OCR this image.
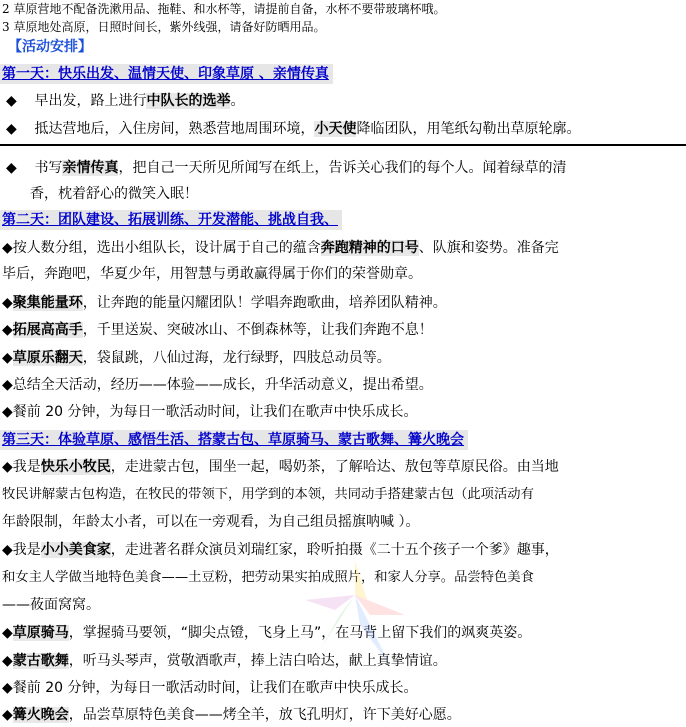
2 草原营地不配备洗漱用品、拖鞋、和水杯等，请提前自备，水杯不要带玻璃杯哦。
3 草原地处高原，日照时间长，紫外线强，请备好防晒用品。
【活动安排】
第一天：快乐出发、温情天使、印象草原 、亲情传真
◆ 早出发，路上进行中队长的选举。
◆ 抵达营地后，入住房间，熟悉营地周围环境，小天使降临团队，用笔纸勾勒出草原轮廓。
◆ 书写亲情传真，把自己一天所见所闻写在纸上，告诉关心我们的每个人。闻着绿草的清
香，枕着舒心的微笑入眠！
第二天：团队建设、拓展训练、开发潜能、挑战自我、
◆按人数分组，选出小组队长，设计属于自己的蕴含奔跑精神的口号、队旗和姿势。准备完
毕后，奔跑吧，华夏少年，用智慧与勇敢赢得属于你们的荣誉勋章。
◆聚集能量环，让奔跑的能量闪耀团队！学唱奔跑歌曲，培养团队精神。
◆拓展高高手，千里送炭、突破冰山、不倒森林等，让我们奔跑不息！
◆草原乐翻天，袋鼠跳，八仙过海，龙行绿野，四肢总动员等。
◆总结全天活动，经历——体验——成长，升华活动意义，提出希望。
◆餐前 20 分钟，为每日一歌活动时间，让我们在歌声中快乐成长。
第三天：体验草原、感悟生活、搭蒙古包、草原骑马、蒙古歌舞、篝火晚会
◆我是快乐小牧民，走进蒙古包，围坐一起，喝奶茶，了解哈达、敖包等草原民俗。由当地
牧民讲解蒙古包构造，在牧民的带领下，用学到的本领，共同动手搭建蒙古包（此项活动有
年龄限制，年龄太小者，可以在一旁观看，为自己组员摇旗呐喊 ）。
◆我是小小美食家，走进著名群众演员刘瑞红家，聆听拍摄《二十五个孩子一个爹》趣事，
和女主人学做当地特色美食——土豆粉，把劳动果实拍成照片，和家人分享。品尝特色美食
——莜面窝窝。
◆草原骑马，掌握骑马要领，“脚尖点镫，飞身上马”，在马背上留下我们的飒爽英姿。
◆蒙古歌舞，听马头琴声，赏敬酒歌声，捧上洁白哈达，献上真挚情谊。
◆餐前 20 分钟，为每日一歌活动时间，让我们在歌声中快乐成长。
◆篝火晚会，品尝草原特色美食——烤全羊，放飞孔明灯，许下美好心愿。
